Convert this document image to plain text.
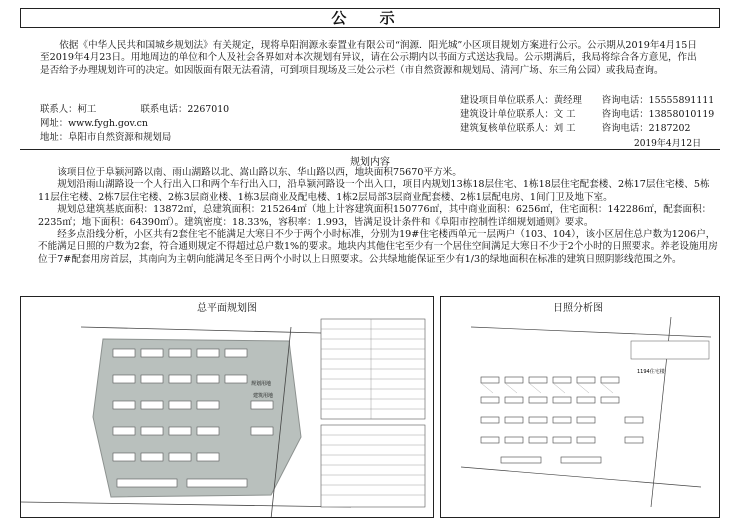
公 示
依据《中华人民共和国城乡规划法》有关规定，现将阜阳润源永泰置业有限公司“润源．阳光城”小区项目规划方案进行公示。公示期从2019年4月15日至2019年4月23日。用地周边的单位和个人及社会各界如对本次规划有异议，请在公示期内以书面方式送达我局。公示期满后，我局将综合各方意见，作出是否给予办理规划许可的决定。如因版面有限无法看清，可到项目现场及三处公示栏（市自然资源和规划局、清河广场、东三角公园）或我局查询。
联系人：柯工	联系电话：2267010
网址：www.fygh.gov.cn
地址：阜阳市自然资源和规划局
建设项目单位联系人：黄经理 咨询电话：15555891111
建筑设计单位联系人：文 工	咨询电话：13858010119
建筑复核单位联系人：刘 工	咨询电话：2187202
2019年4月12日
规划内容

该项目位于阜颍河路以南、雨山湖路以北、嵩山路以东、华山路以西，地块面积75670平方米。

规划沿雨山湖路设一个人行出入口和两个车行出入口，沿阜颍河路设一个出入口，项目内规划13栋18层住宅、1栋18层住宅配套楼、2栋17层住宅楼、5栋11层住宅楼、2栋7层住宅楼、2栋3层商业楼、1栋3层商业及配电楼、1栋2层局部3层商业配套楼、2栋1层配电房、1间门卫及地下室。

规划总建筑基底面积：13872㎡，总建筑面积：215264㎡（地上计容建筑面积150776㎡，其中商业面积：6256㎡，住宅面积：142286㎡，配套面积：2235㎡；地下面积：64390㎡）。建筑密度：18.33%，容积率：1.993，皆满足设计条件和《阜阳市控制性详细规划通则》要求。

经多点沿线分析，小区共有2套住宅不能满足大寒日不少于两个小时标准，分别为19#住宅楼西单元一层两户（103、104），该小区居住总户数为1206户，不能满足日照的户数为2套，符合通则规定不得超过总户数1%的要求。地块内其他住宅至少有一个居住空间满足大寒日不少于2个小时的日照要求。养老设施用房位于7#配套用房首层，其南向为主朝向能满足冬至日两个小时以上日照要求。公共绿地能保证至少有1/3的绿地面积在标准的建筑日照阴影线范围之外。

总平面规划图
规划用地
建筑用地
日照分析图
1194住宅楼
